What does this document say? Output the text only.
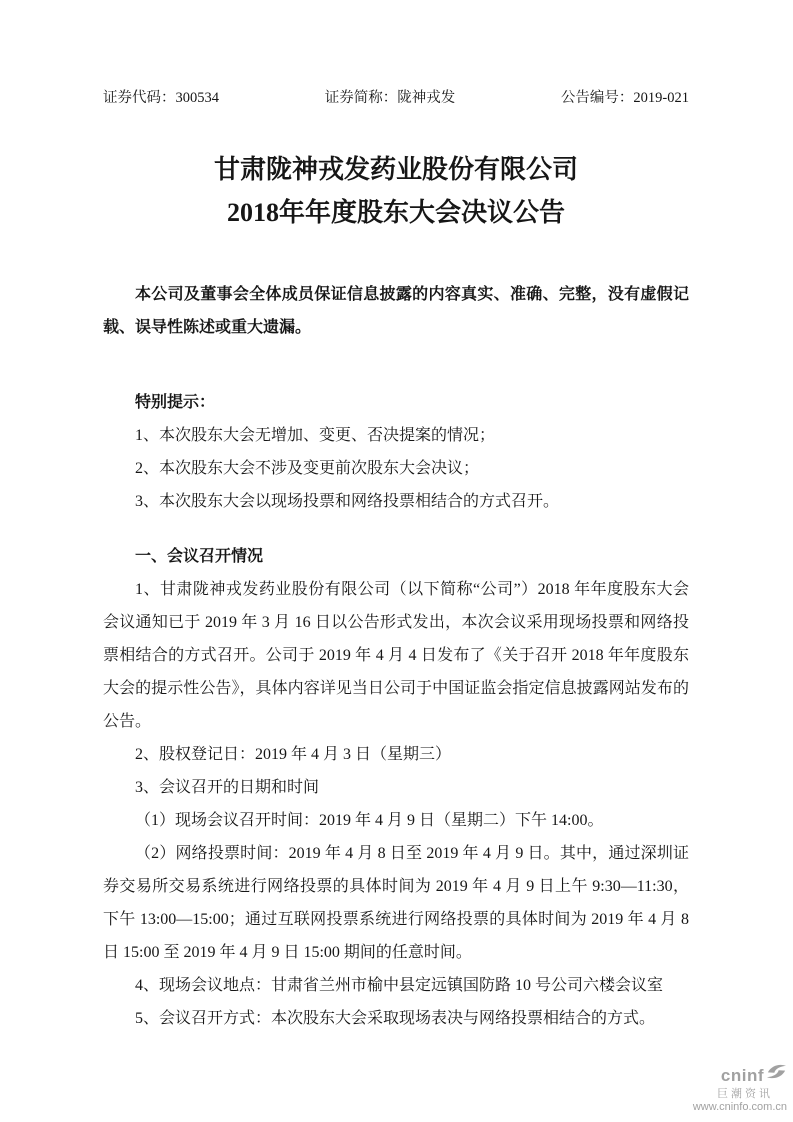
证券代码：300534	证券简称：陇神戎发	公告编号：2019-021
甘肃陇神戎发药业股份有限公司
2018年年度股东大会决议公告

本公司及董事会全体成员保证信息披露的内容真实、准确、完整，没有虚假记载、误导性陈述或重大遗漏。

特别提示：

1、本次股东大会无增加、变更、否决提案的情况；

2、本次股东大会不涉及变更前次股东大会决议；

3、本次股东大会以现场投票和网络投票相结合的方式召开。

一、会议召开情况

1、甘肃陇神戎发药业股份有限公司（以下简称“公司”）2018 年年度股东大会会议通知已于 2019 年 3 月 16 日以公告形式发出，本次会议采用现场投票和网络投票相结合的方式召开。公司于 2019 年 4 月 4 日发布了《关于召开 2018 年年度股东大会的提示性公告》，具体内容详见当日公司于中国证监会指定信息披露网站发布的公告。

2、股权登记日：2019 年 4 月 3 日（星期三）

3、会议召开的日期和时间

（1）现场会议召开时间：2019 年 4 月 9 日（星期二）下午 14:00。

（2）网络投票时间：2019 年 4 月 8 日至 2019 年 4 月 9 日。其中，通过深圳证券交易所交易系统进行网络投票的具体时间为 2019 年 4 月 9 日上午 9:30—11:30，下午 13:00—15:00；通过互联网投票系统进行网络投票的具体时间为 2019 年 4 月 8 日 15:00 至 2019 年 4 月 9 日 15:00 期间的任意时间。

4、现场会议地点：甘肃省兰州市榆中县定远镇国防路 10 号公司六楼会议室

5、会议召开方式：本次股东大会采取现场表决与网络投票相结合的方式。

cninf
巨潮资讯
www.cninfo.com.cn
